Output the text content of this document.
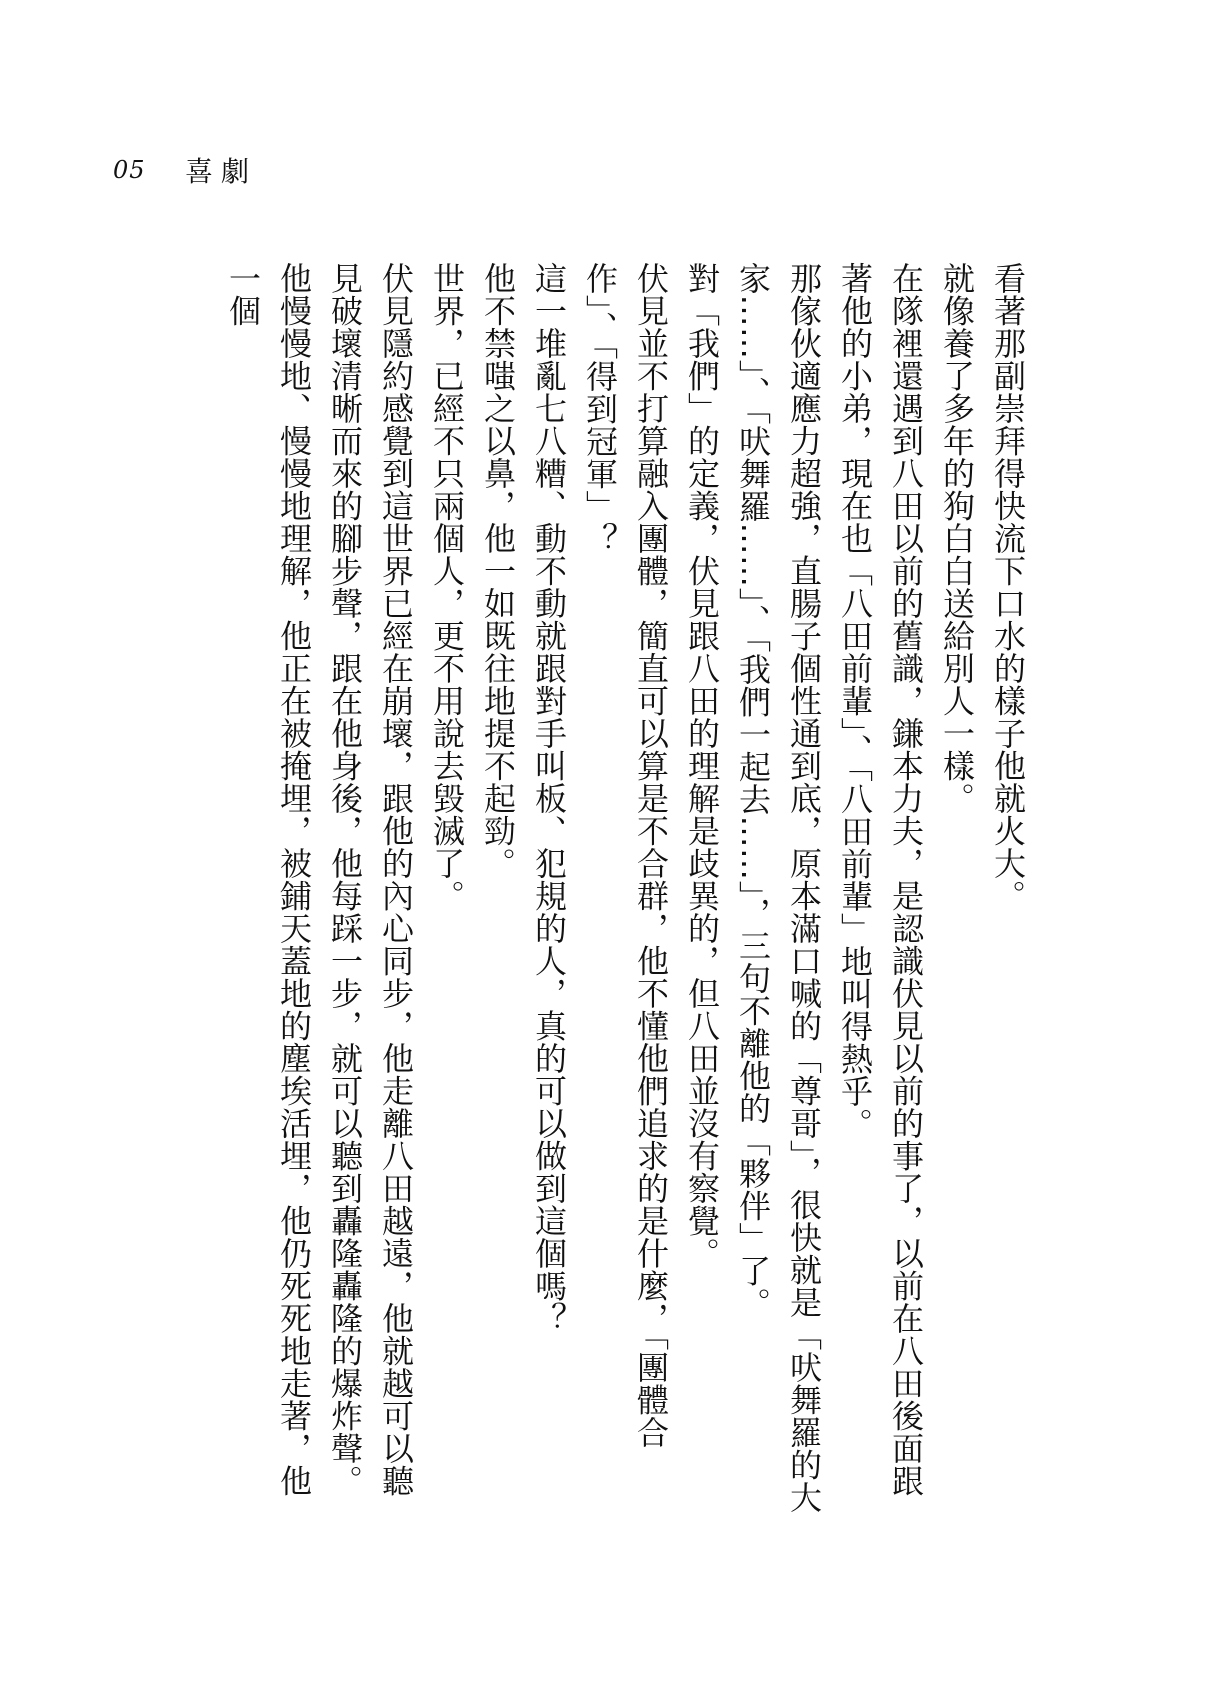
05	喜劇

看著那副崇拜得快流下口水的樣子他就火大。

就像養了多年的狗白白送給別人一樣。

在隊裡還遇到八田以前的舊識，鎌本力夫，是認識伏見以前的事了，以前在八田後面跟著他的小弟，現在也「八田前輩」、「八田前輩」地叫得熱乎。

那傢伙適應力超強，直腸子個性通到底，原本滿口喊的「尊哥」，很快就是「吠舞羅的大家……」、「吠舞羅……」、「我們一起去……」，三句不離他的「夥伴」了。

對「我們」的定義，伏見跟八田的理解是歧異的，但八田並沒有察覺。

伏見並不打算融入團體，簡直可以算是不合群，他不懂他們追求的是什麼，「團體合作」、「得到冠軍」？

這一堆亂七八糟、動不動就跟對手叫板、犯規的人，真的可以做到這個嗎？

他不禁嗤之以鼻，他一如既往地提不起勁。

世界，已經不只兩個人，更不用說去毀滅了。

伏見隱約感覺到這世界已經在崩壞，跟他的內心同步，他走離八田越遠，他就越可以聽見破壞清晰而來的腳步聲，跟在他身後，他每踩一步，就可以聽到轟隆轟隆的爆炸聲。

他慢慢地、慢慢地理解，他正在被掩埋，被鋪天蓋地的塵埃活埋，他仍死死地走著，他一個
